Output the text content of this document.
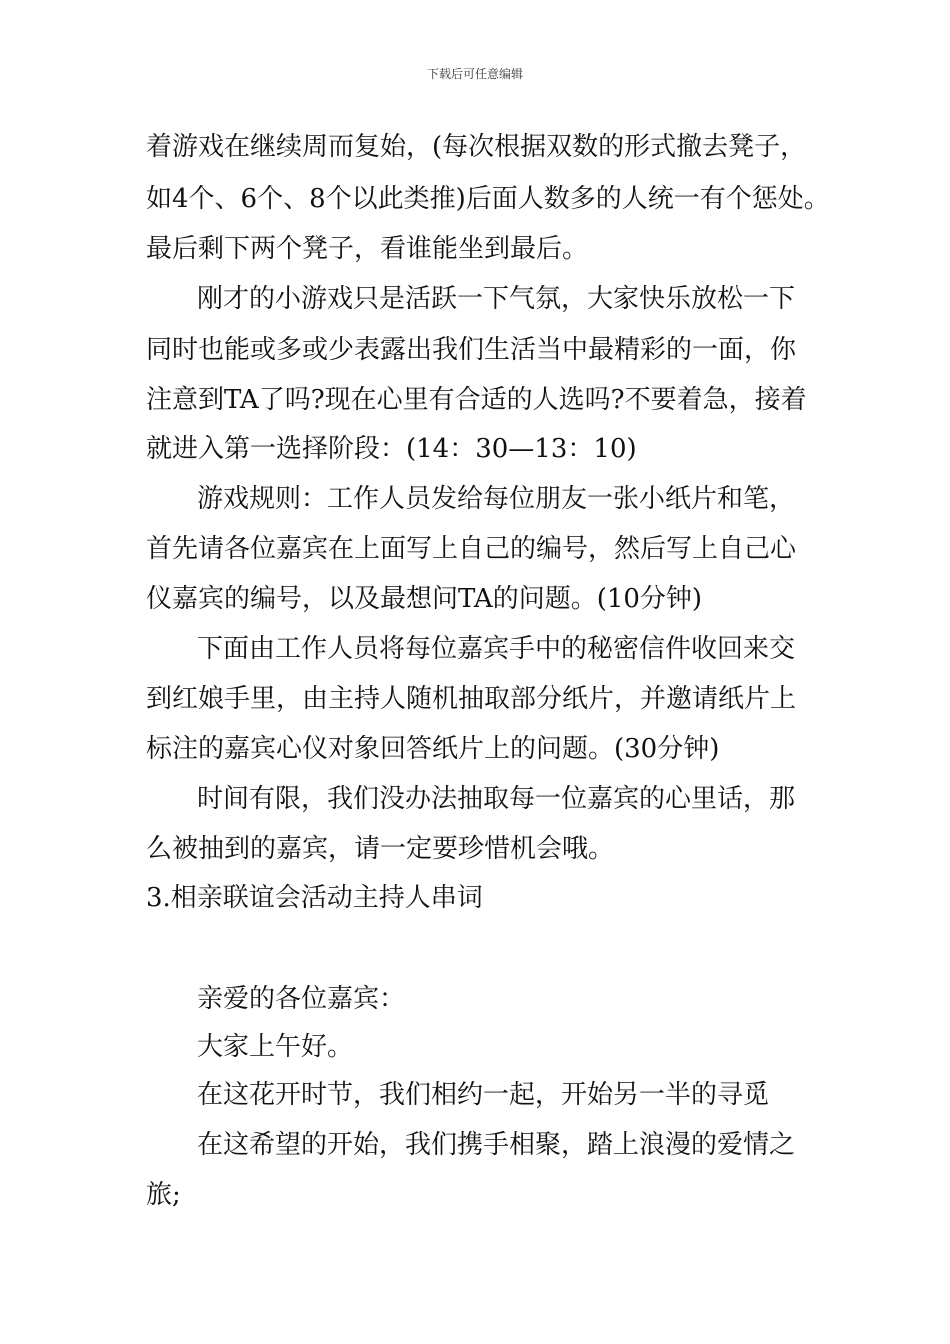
下载后可任意编辑
着游戏在继续周而复始，(每次根据双数的形式撤去凳子，
如4个、6个、8个以此类推)后面人数多的人统一有个惩处。
最后剩下两个凳子，看谁能坐到最后。
刚才的小游戏只是活跃一下气氛，大家快乐放松一下
同时也能或多或少表露出我们生活当中最精彩的一面，你
注意到TA了吗?现在心里有合适的人选吗?不要着急，接着
就进入第一选择阶段：(14：30—13：10)
游戏规则：工作人员发给每位朋友一张小纸片和笔，
首先请各位嘉宾在上面写上自己的编号，然后写上自己心
仪嘉宾的编号，以及最想问TA的问题。(10分钟)
下面由工作人员将每位嘉宾手中的秘密信件收回来交
到红娘手里，由主持人随机抽取部分纸片，并邀请纸片上
标注的嘉宾心仪对象回答纸片上的问题。(30分钟)
时间有限，我们没办法抽取每一位嘉宾的心里话，那
么被抽到的嘉宾，请一定要珍惜机会哦。
3.相亲联谊会活动主持人串词
亲爱的各位嘉宾：
大家上午好。
在这花开时节，我们相约一起，开始另一半的寻觅
在这希望的开始，我们携手相聚，踏上浪漫的爱情之
旅;
